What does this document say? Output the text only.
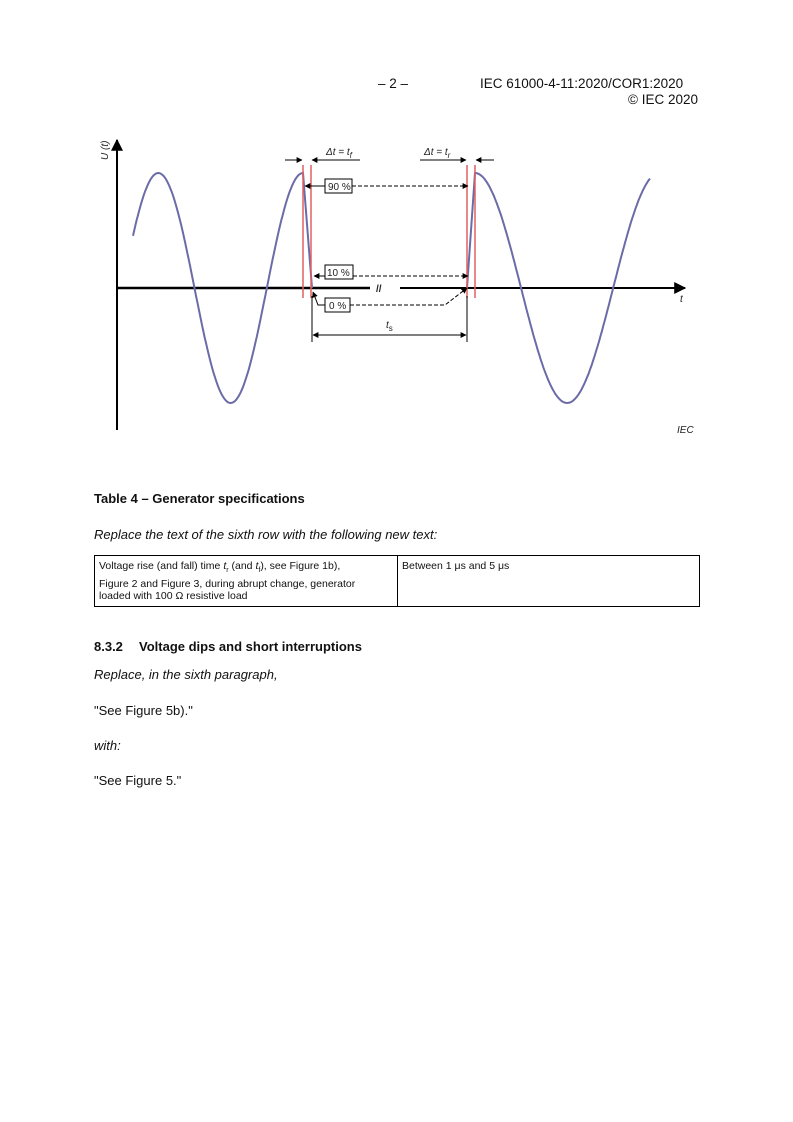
– 2 –	IEC 61000-4-11:2020/COR1:2020
© IEC 2020
U (t)
//
t
$\Delta t = t_f$	$\Delta t = t_r$
90 %
10 %
0 %
$t_s$
IEC
Table 4 – Generator specifications
Replace the text of the sixth row with the following new text:
Voltage rise (and fall) time $t_r$ (and $t_f$), see Figure 1b),
Figure 2 and Figure 3, during abrupt change, generator
loaded with 100 Ω resistive load	Between 1 μs and 5 μs
8.3.2 Voltage dips and short interruptions
Replace, in the sixth paragraph,
"See Figure 5b)."
with:
"See Figure 5."
